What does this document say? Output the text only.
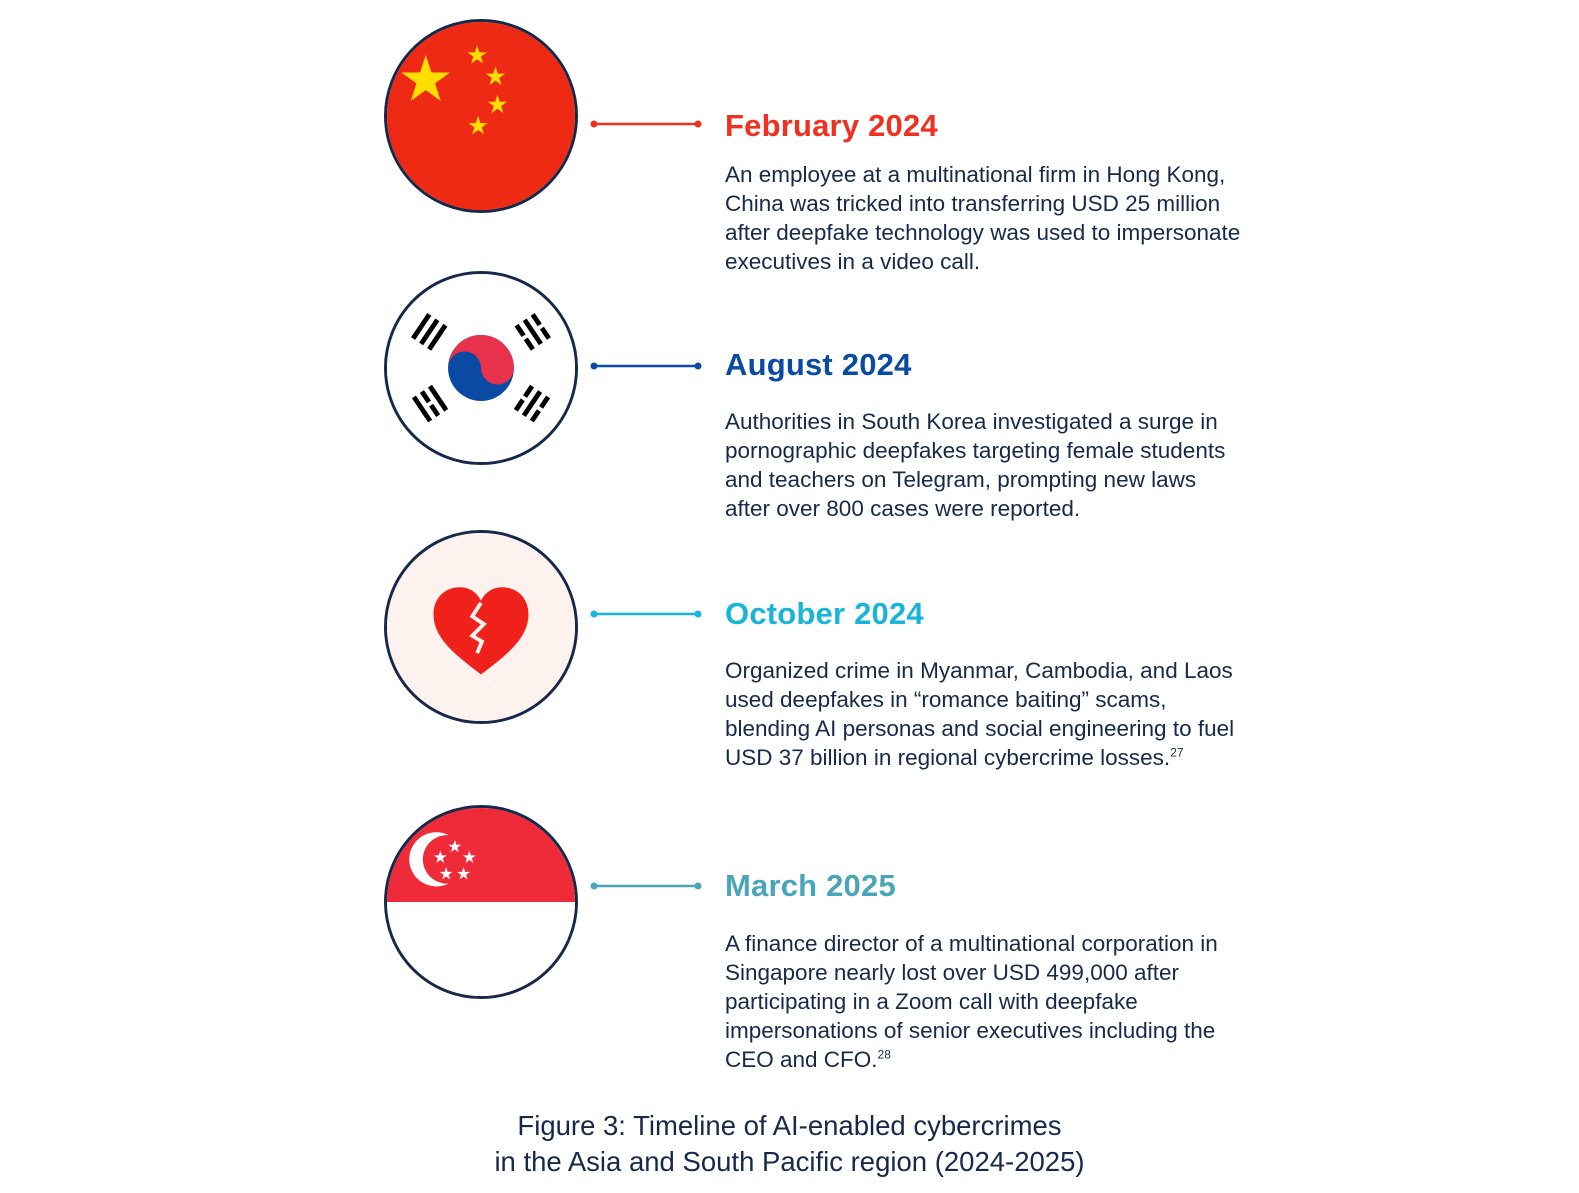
February 2024

An employee at a multinational firm in Hong Kong, China was tricked into transferring USD 25 million after deepfake technology was used to impersonate executives in a video call.

August 2024

Authorities in South Korea investigated a surge in pornographic deepfakes targeting female students and teachers on Telegram, prompting new laws after over 800 cases were reported.

October 2024

Organized crime in Myanmar, Cambodia, and Laos used deepfakes in “romance baiting” scams, blending AI personas and social engineering to fuel USD 37 billion in regional cybercrime losses.$^{27}$

March 2025

A finance director of a multinational corporation in Singapore nearly lost over USD 499,000 after participating in a Zoom call with deepfake impersonations of senior executives including the CEO and CFO.$^{28}$

Figure 3: Timeline of AI-enabled cybercrimes
in the Asia and South Pacific region (2024-2025)
